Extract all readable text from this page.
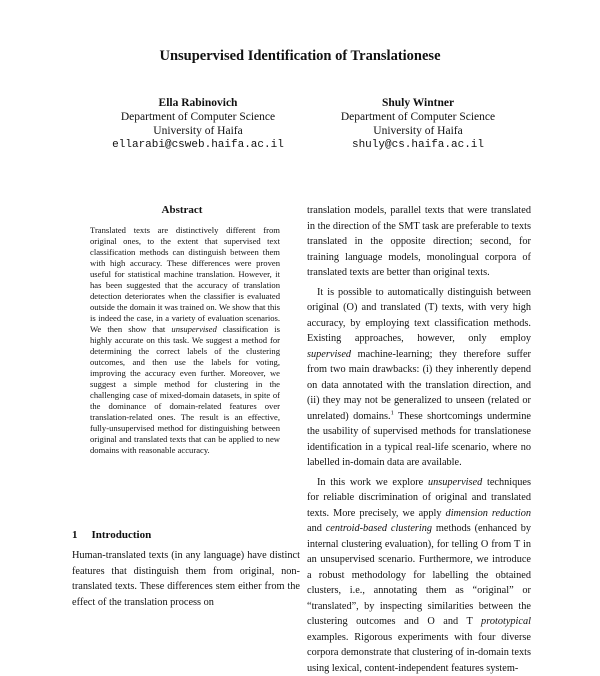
Unsupervised Identification of Translationese
Ella Rabinovich
Department of Computer Science
University of Haifa
ellarabi@csweb.haifa.ac.il
Shuly Wintner
Department of Computer Science
University of Haifa
shuly@cs.haifa.ac.il
Abstract

Translated texts are distinctively different from original ones, to the extent that supervised text classification methods can distinguish between them with high accuracy. These differences were proven useful for statistical machine translation. However, it has been suggested that the accuracy of translation detection deteriorates when the classifier is evaluated outside the domain it was trained on. We show that this is indeed the case, in a variety of evaluation scenarios. We then show that unsupervised classification is highly accurate on this task. We suggest a method for determining the correct labels of the clustering outcomes, and then use the labels for voting, improving the accuracy even further. Moreover, we suggest a simple method for clustering in the challenging case of mixed-domain datasets, in spite of the dominance of domain-related features over translation-related ones. The result is an effective, fully-unsupervised method for distinguishing between original and translated texts that can be applied to new domains with reasonable accuracy.

1 Introduction

Human-translated texts (in any language) have distinct features that distinguish them from original, non-translated texts. These differences stem either from the effect of the translation process on

translation models, parallel texts that were translated in the direction of the SMT task are preferable to texts translated in the opposite direction; second, for training language models, monolingual corpora of translated texts are better than original texts.

It is possible to automatically distinguish between original (O) and translated (T) texts, with very high accuracy, by employing text classification methods. Existing approaches, however, only employ supervised machine-learning; they therefore suffer from two main drawbacks: (i) they inherently depend on data annotated with the translation direction, and (ii) they may not be generalized to unseen (related or unrelated) domains.$^1$ These shortcomings undermine the usability of supervised methods for translationese identification in a typical real-life scenario, where no labelled in-domain data are available.

In this work we explore unsupervised techniques for reliable discrimination of original and translated texts. More precisely, we apply dimension reduction and centroid-based clustering methods (enhanced by internal clustering evaluation), for telling O from T in an unsupervised scenario. Furthermore, we introduce a robust methodology for labelling the obtained clusters, i.e., annotating them as “original” or “translated”, by inspecting similarities between the clustering outcomes and O and T prototypical examples. Rigorous experiments with four diverse corpora demonstrate that clustering of in-domain texts using lexical, content-independent features system-
